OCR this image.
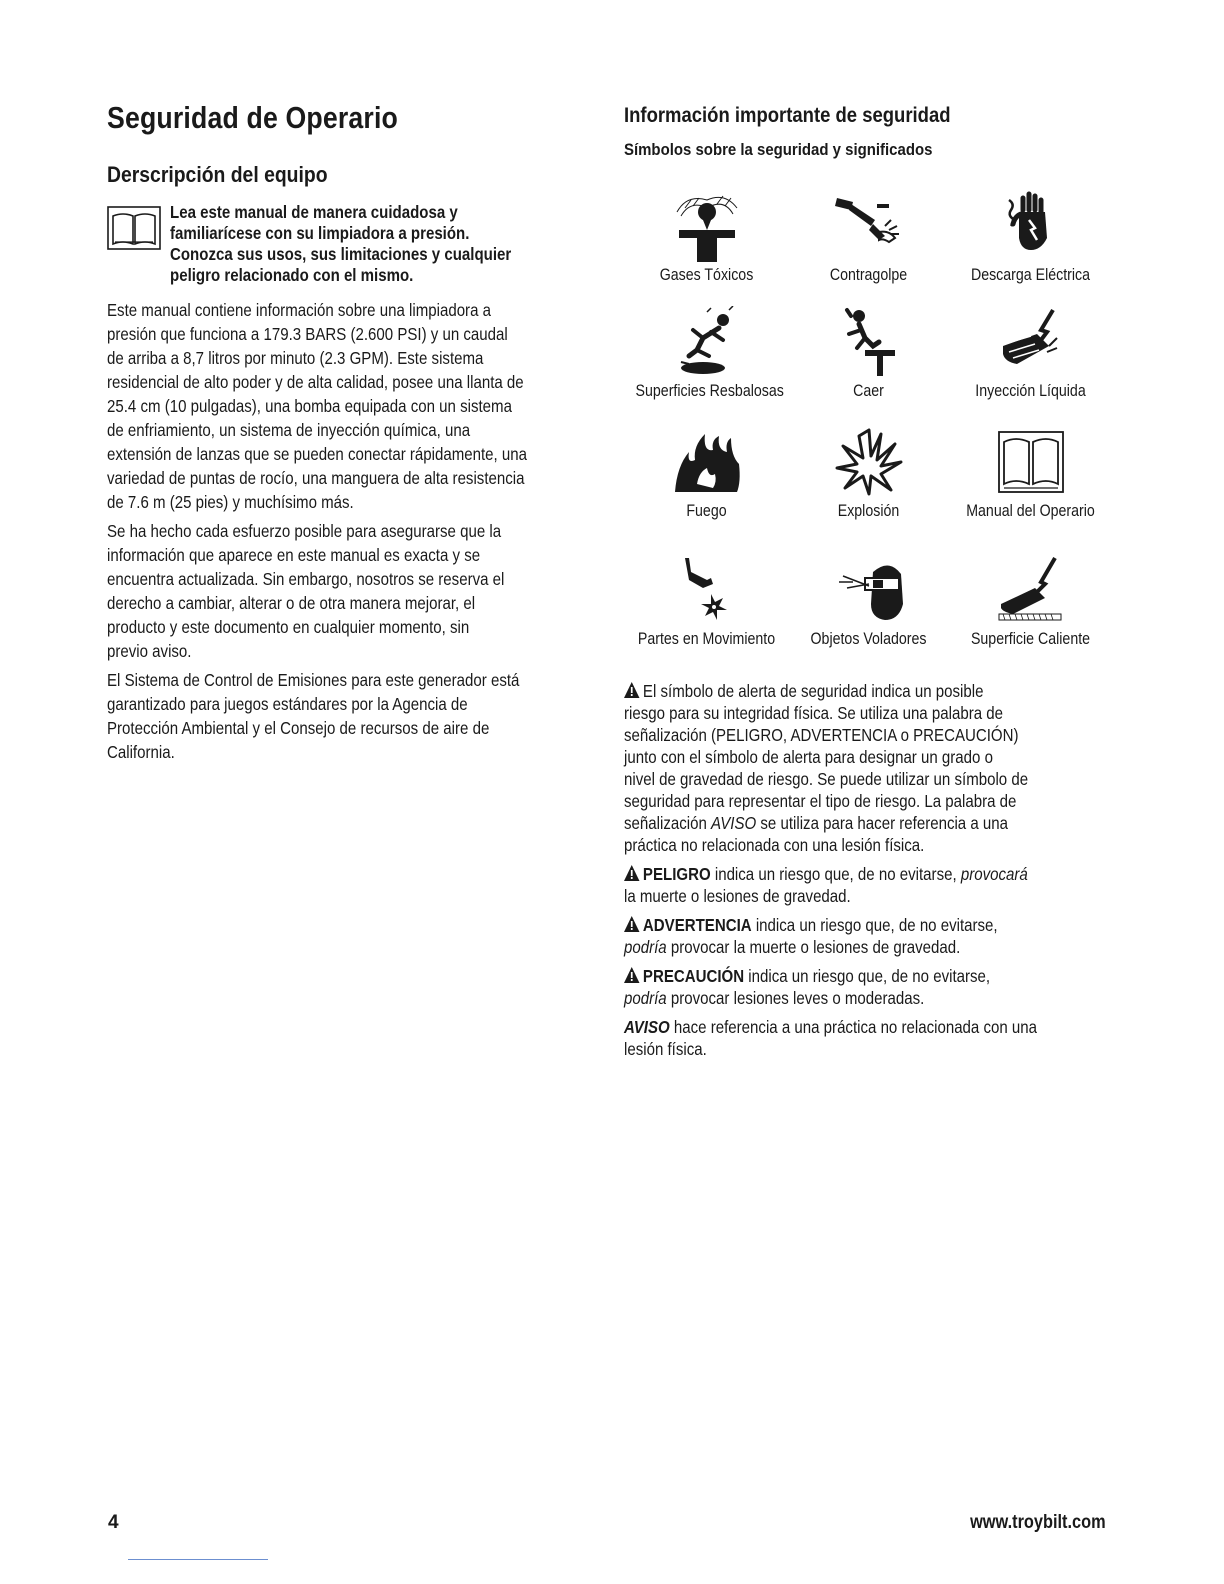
Seguridad de Operario
Derscripción del equipo
Lea este manual de manera cuidadosa y
familiarícese con su limpiadora a presión.
Conozca sus usos, sus limitaciones y cualquier
peligro relacionado con el mismo.
Este manual contiene información sobre una limpiadora a
presión que funciona a 179.3 BARS (2.600 PSI) y un caudal
de arriba a 8,7 litros por minuto (2.3 GPM). Este sistema
residencial de alto poder y de alta calidad, posee una llanta de
25.4 cm (10 pulgadas), una bomba equipada con un sistema
de enfriamiento, un sistema de inyección química, una
extensión de lanzas que se pueden conectar rápidamente, una
variedad de puntas de rocío, una manguera de alta resistencia
de 7.6 m (25 pies) y muchísimo más.
Se ha hecho cada esfuerzo posible para asegurarse que la
información que aparece en este manual es exacta y se
encuentra actualizada. Sin embargo, nosotros se reserva el
derecho a cambiar, alterar o de otra manera mejorar, el
producto y este documento en cualquier momento, sin
previo aviso.
El Sistema de Control de Emisiones para este generador está
garantizado para juegos estándares por la Agencia de
Protección Ambiental y el Consejo de recursos de aire de
California.
Información importante de seguridad
Símbolos sobre la seguridad y significados
Gases Tóxicos	Contragolpe	Descarga Eléctrica
Superficies Resbalosas	Caer	Inyección Líquida
Fuego	Explosión	Manual del Operario
Partes en Movimiento	Objetos Voladores	Superficie Caliente
El símbolo de alerta de seguridad indica un posible
riesgo para su integridad física. Se utiliza una palabra de
señalización (PELIGRO, ADVERTENCIA o PRECAUCIÓN)
junto con el símbolo de alerta para designar un grado o
nivel de gravedad de riesgo. Se puede utilizar un símbolo de
seguridad para representar el tipo de riesgo. La palabra de
señalización AVISO se utiliza para hacer referencia a una
práctica no relacionada con una lesión física.
PELIGRO indica un riesgo que, de no evitarse, provocará
la muerte o lesiones de gravedad.
ADVERTENCIA indica un riesgo que, de no evitarse,
podría provocar la muerte o lesiones de gravedad.
PRECAUCIÓN indica un riesgo que, de no evitarse,
podría provocar lesiones leves o moderadas.
AVISO hace referencia a una práctica no relacionada con una
lesión física.
4	www.troybilt.com
